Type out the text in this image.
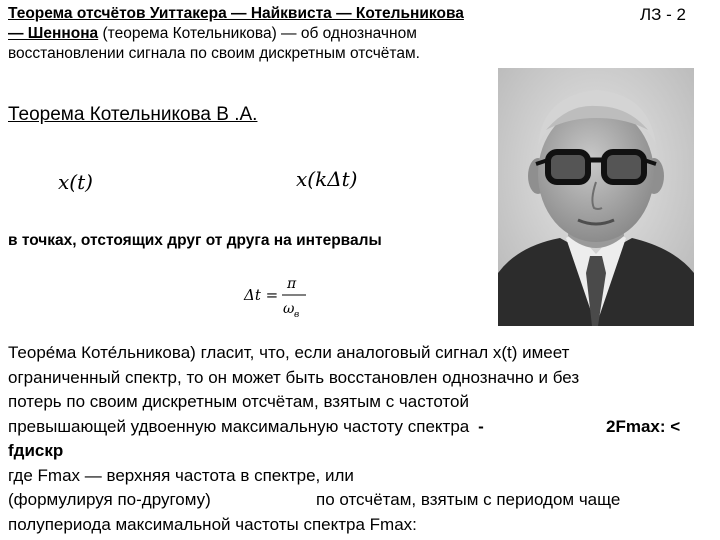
Теорема отсчётов Уиттакера — Найквиста — Котельникова
— Шеннона (теорема Котельникова) — об однозначном
восстановлении сигнала по своим дискретным отсчётам.
ЛЗ - 2
Теорема Котельникова В .А.
x(t)	x(kΔt)
в точках, отстоящих друг от друга на интервалы
Δt =
π
ω в
Теоре́ма Коте́льникова) гласит, что, если аналоговый сигнал x(t) имеет
ограниченный спектр, то он может быть восстановлен однозначно и без
потерь по своим дискретным отсчётам, взятым с частотой
превышающей удвоенную максимальную частоту спектра -	2Fmax: <
fдискр
где Fmax — верхняя частота в спектре, или
(формулируя по-другому)	по отсчётам, взятым с периодом чаще
полупериода максимальной частоты спектра Fmax:
